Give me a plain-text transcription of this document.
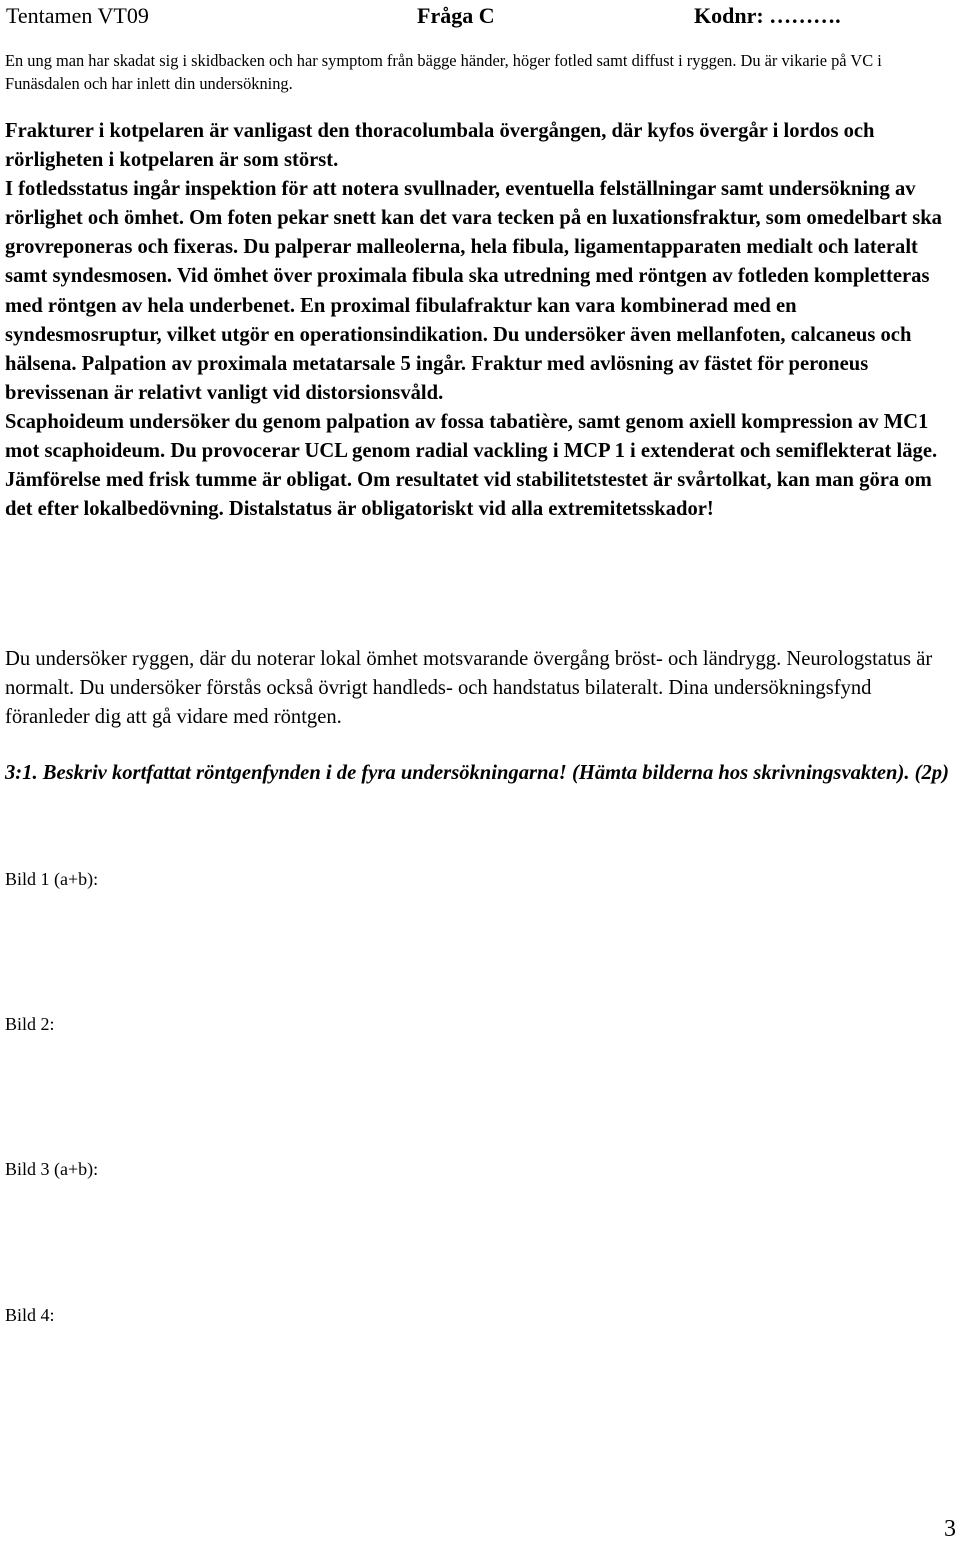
Tentamen VT09	Fråga C	Kodnr: ……….

En ung man har skadat sig i skidbacken och har symptom från bägge händer, höger fotled samt diffust i ryggen. Du är vikarie på VC i Funäsdalen och har inlett din undersökning.

Frakturer i kotpelaren är vanligast den thoracolumbala övergången, där kyfos övergår i lordos och rörligheten i kotpelaren är som störst.

I fotledsstatus ingår inspektion för att notera svullnader, eventuella felställningar samt undersökning av rörlighet och ömhet. Om foten pekar snett kan det vara tecken på en luxationsfraktur, som omedelbart ska grovreponeras och fixeras. Du palperar malleolerna, hela fibula, ligamentapparaten medialt och lateralt samt syndesmosen. Vid ömhet över proximala fibula ska utredning med röntgen av fotleden kompletteras med röntgen av hela underbenet. En proximal fibulafraktur kan vara kombinerad med en syndesmosruptur, vilket utgör en operationsindikation. Du undersöker även mellanfoten, calcaneus och hälsena. Palpation av proximala metatarsale 5 ingår. Fraktur med avlösning av fästet för peroneus brevissenan är relativt vanligt vid distorsionsvåld.

Scaphoideum undersöker du genom palpation av fossa tabatière, samt genom axiell kompression av MC1 mot scaphoideum. Du provocerar UCL genom radial vackling i MCP 1 i extenderat och semiflekterat läge. Jämförelse med frisk tumme är obligat. Om resultatet vid stabilitetstestet är svårtolkat, kan man göra om det efter lokalbedövning. Distalstatus är obligatoriskt vid alla extremitetsskador!

Du undersöker ryggen, där du noterar lokal ömhet motsvarande övergång bröst- och ländrygg. Neurologstatus är normalt. Du undersöker förstås också övrigt handleds- och handstatus bilateralt. Dina undersökningsfynd föranleder dig att gå vidare med röntgen.

3:1. Beskriv kortfattat röntgenfynden i de fyra undersökningarna! (Hämta bilderna hos skrivningsvakten). (2p)

Bild 1 (a+b):
Bild 2:
Bild 3 (a+b):
Bild 4:
3
